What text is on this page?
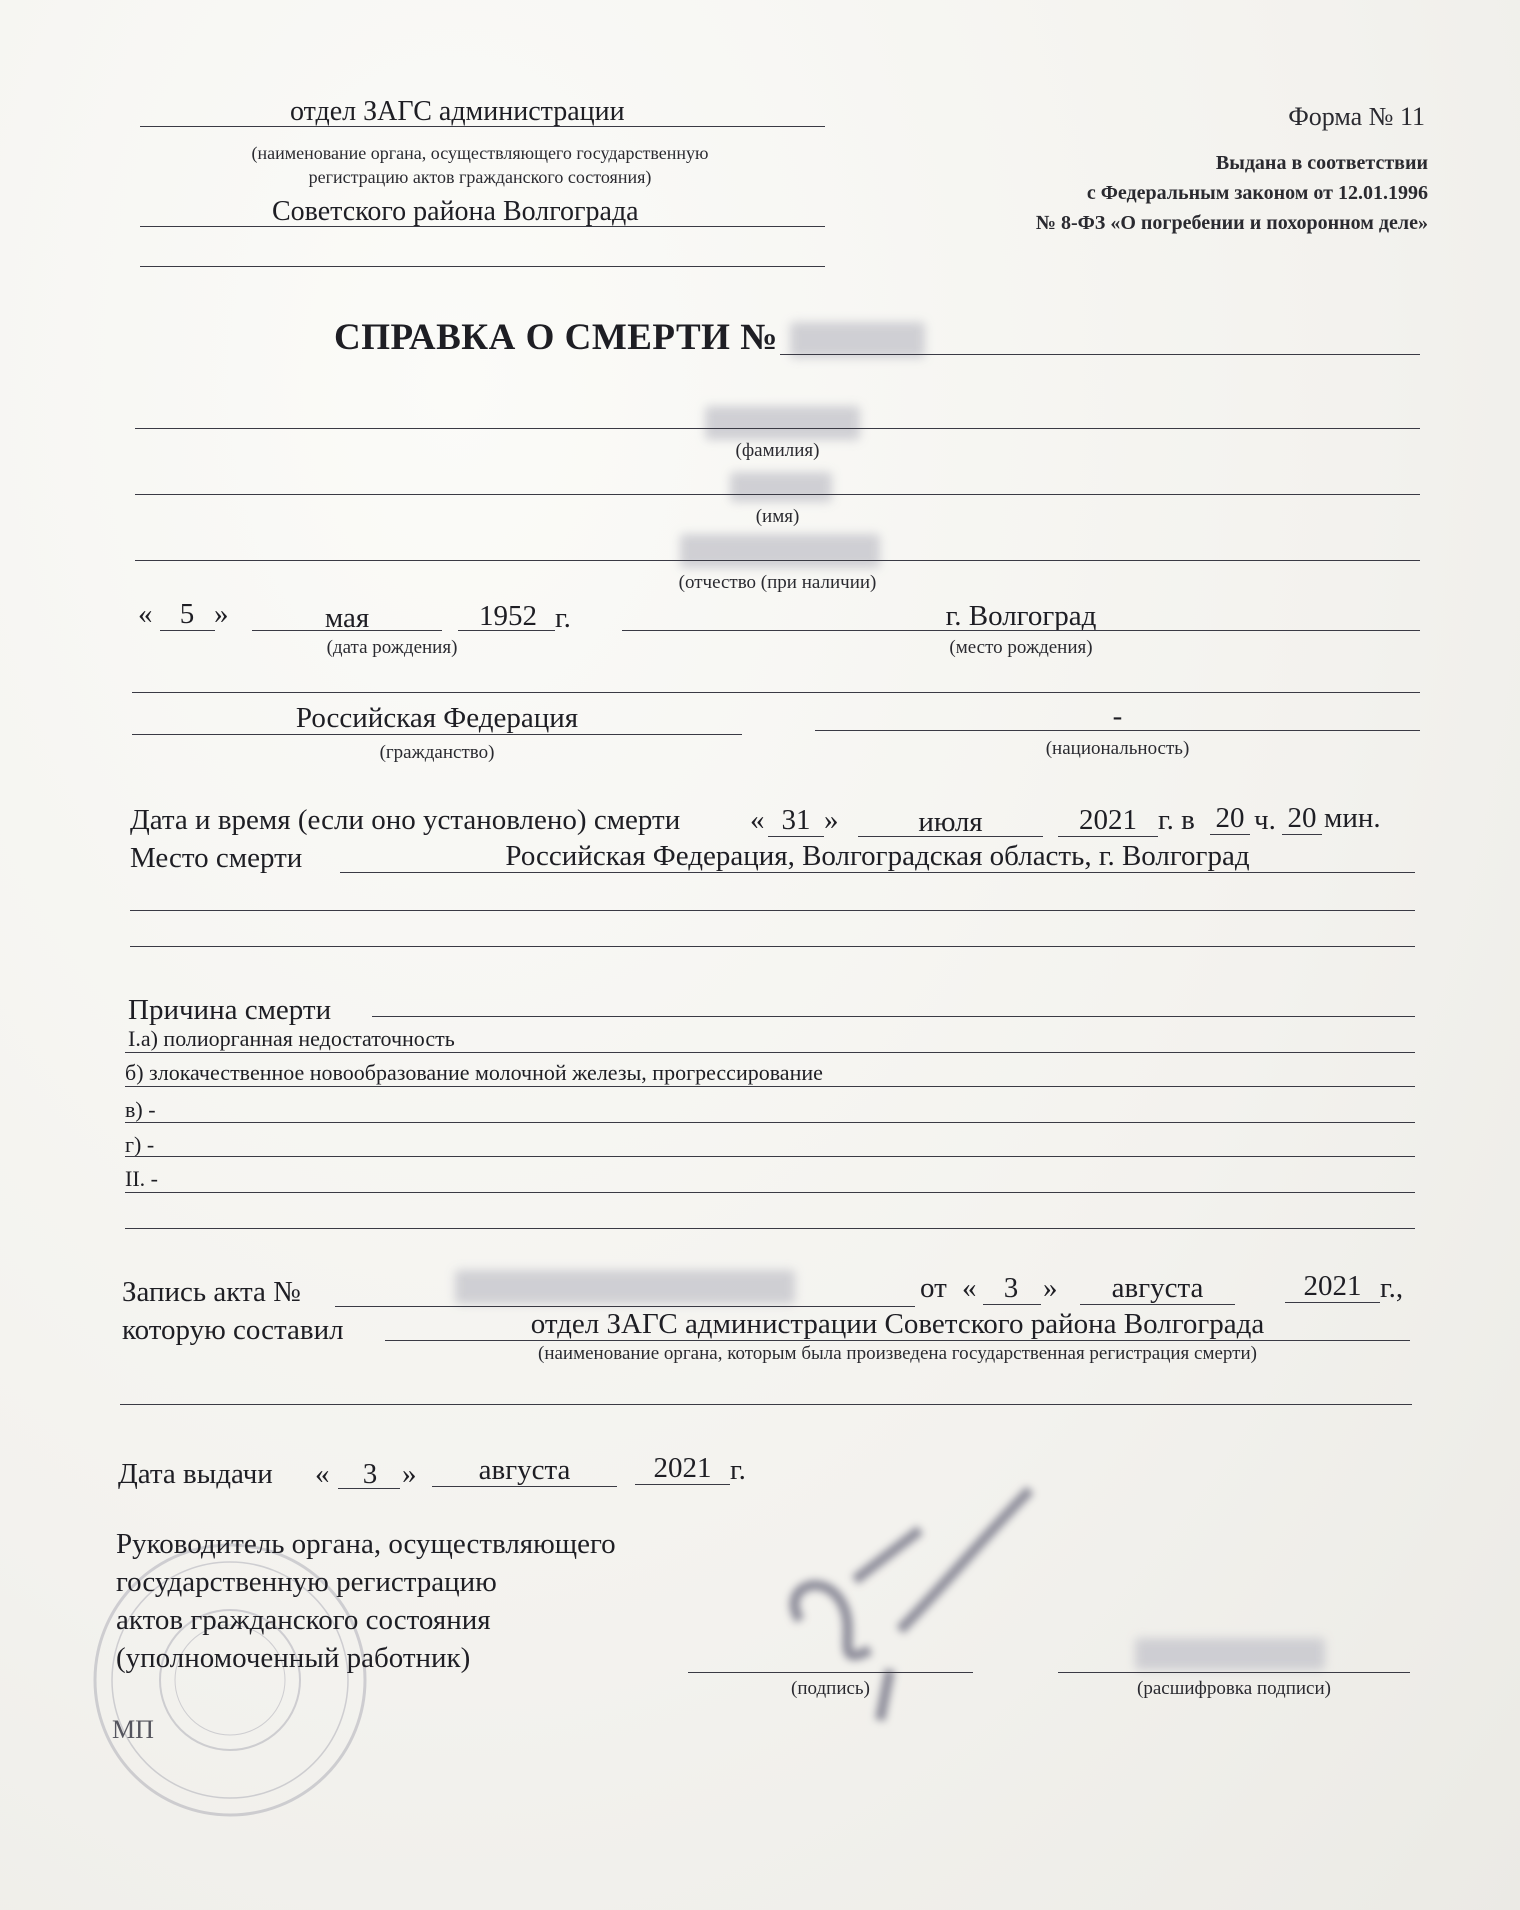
отдел ЗАГС администрации
(наименование органа, осуществляющего государственную
регистрацию актов гражданского состояния)
Советского района Волгограда
Форма № 11
Выдана в соответствии
с Федеральным законом от 12.01.1996
№ 8-ФЗ «О погребении и похоронном деле»
СПРАВКА О СМЕРТИ №
(фамилия)
(имя)
(отчество (при наличии)
« 5 »	мая	1952 г.
(дата рождения)
г. Волгоград
(место рождения)
Российская Федерация
(гражданство)
-
(национальность)
Дата и время (если оно установлено) смерти « 31 »	июля	2021 г. в 20 ч. 20 мин.
Место смерти	Российская Федерация, Волгоградская область, г. Волгоград
Причина смерти
I.а) полиорганная недостаточность
б) злокачественное новообразование молочной железы, прогрессирование
в) -
г) -
II. -
Запись акта №	от « 3 »	августа	2021 г.,
которую составил	отдел ЗАГС администрации Советского района Волгограда
(наименование органа, которым была произведена государственная регистрация смерти)
Дата выдачи «	3 »	августа	2021 г.
Руководитель органа, осуществляющего
государственную регистрацию
актов гражданского состояния
(уполномоченный работник)
МП
(подпись)	(расшифровка подписи)
